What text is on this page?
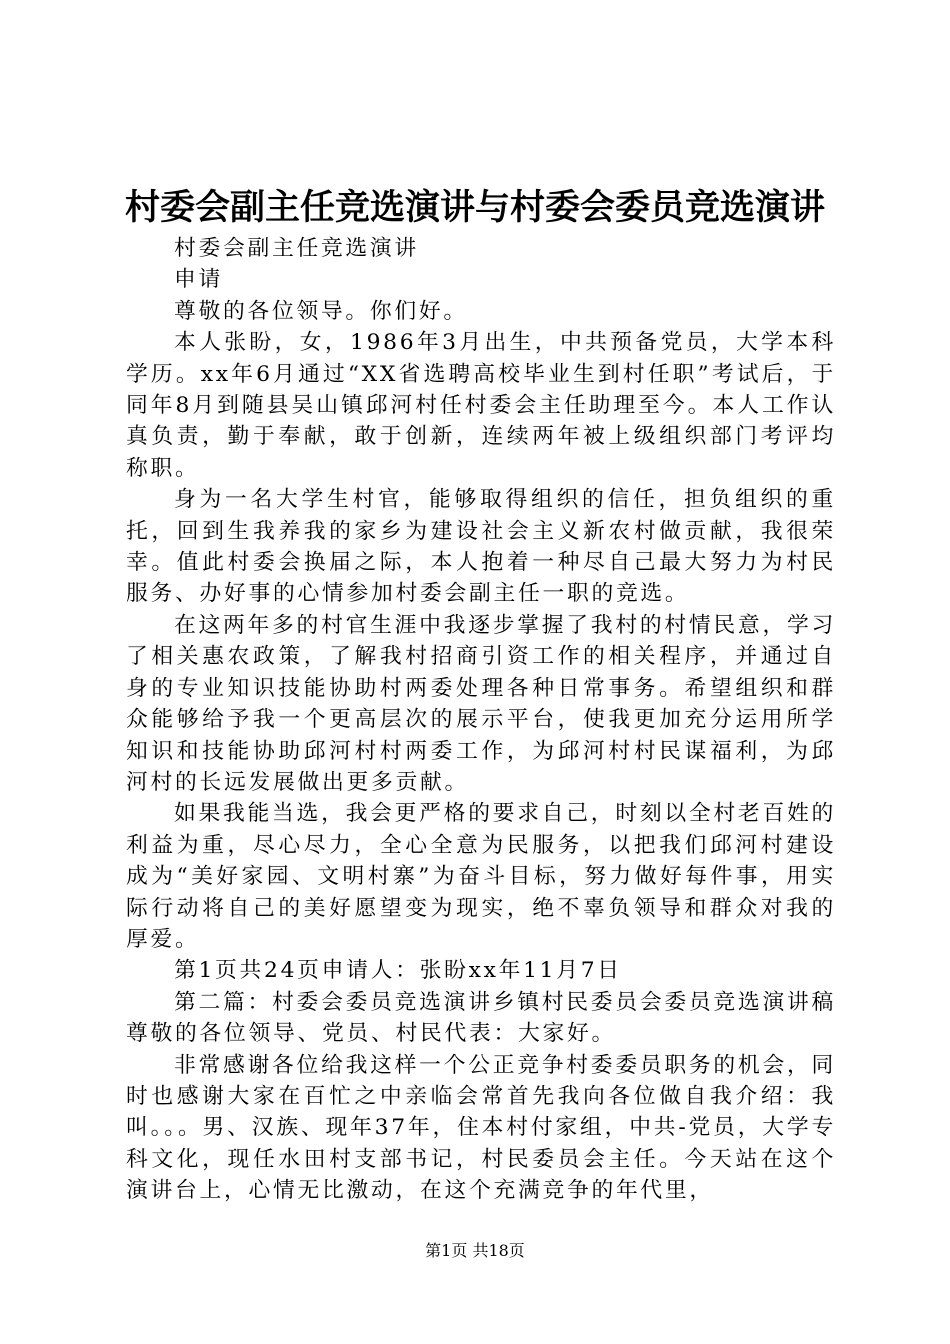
村委会副主任竞选演讲与村委会委员竞选演讲

村委会副主任竞选演讲

申请

尊敬的各位领导。你们好。

本人张盼，女，1986年3月出生，中共预备党员，大学本科学历。xx年6月通过“XX省选聘高校毕业生到村任职”考试后，于同年8月到随县吴山镇邱河村任村委会主任助理至今。本人工作认真负责，勤于奉献，敢于创新，连续两年被上级组织部门考评均称职。

身为一名大学生村官，能够取得组织的信任，担负组织的重托，回到生我养我的家乡为建设社会主义新农村做贡献，我很荣幸。值此村委会换届之际，本人抱着一种尽自己最大努力为村民服务、办好事的心情参加村委会副主任一职的竞选。

在这两年多的村官生涯中我逐步掌握了我村的村情民意，学习了相关惠农政策，了解我村招商引资工作的相关程序，并通过自身的专业知识技能协助村两委处理各种日常事务。希望组织和群众能够给予我一个更高层次的展示平台，使我更加充分运用所学知识和技能协助邱河村村两委工作，为邱河村村民谋福利，为邱河村的长远发展做出更多贡献。

如果我能当选，我会更严格的要求自己，时刻以全村老百姓的利益为重，尽心尽力，全心全意为民服务，以把我们邱河村建设成为“美好家园、文明村寨”为奋斗目标，努力做好每件事，用实际行动将自己的美好愿望变为现实，绝不辜负领导和群众对我的厚爱。

第1页共24页申请人：张盼xx年11月7日

第二篇：村委会委员竞选演讲乡镇村民委员会委员竞选演讲稿尊敬的各位领导、党员、村民代表：大家好。

非常感谢各位给我这样一个公正竞争村委委员职务的机会，同时也感谢大家在百忙之中亲临会常首先我向各位做自我介绍：我叫。。。男、汉族、现年37年，住本村付家组，中共-党员，大学专科文化，现任水田村支部书记，村民委员会主任。今天站在这个演讲台上，心情无比激动，在这个充满竞争的年代里，

第1页 共18页
